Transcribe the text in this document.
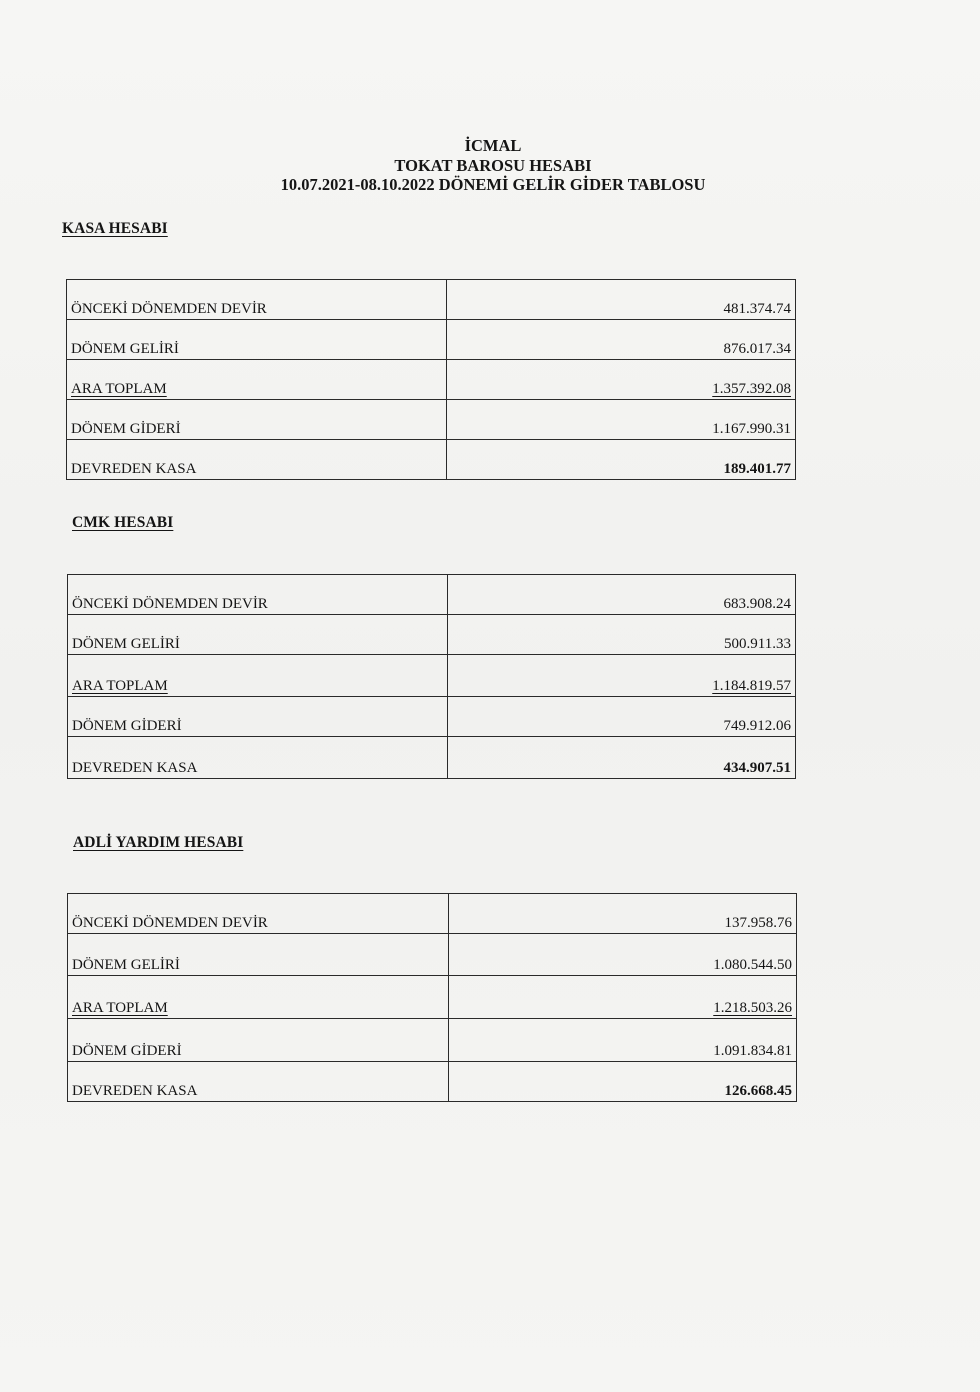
İCMAL
TOKAT BAROSU HESABI
10.07.2021-08.10.2022 DÖNEMİ GELİR GİDER TABLOSU
KASA HESABI
ÖNCEKİ DÖNEMDEN DEVİR	481.374.74
DÖNEM GELİRİ	876.017.34
ARA TOPLAM	1.357.392.08
DÖNEM GİDERİ	1.167.990.31
DEVREDEN KASA	189.401.77
CMK HESABI
ÖNCEKİ DÖNEMDEN DEVİR	683.908.24
DÖNEM GELİRİ	500.911.33
ARA TOPLAM	1.184.819.57
DÖNEM GİDERİ	749.912.06
DEVREDEN KASA	434.907.51
ADLİ YARDIM HESABI
ÖNCEKİ DÖNEMDEN DEVİR	137.958.76
DÖNEM GELİRİ	1.080.544.50
ARA TOPLAM	1.218.503.26
DÖNEM GİDERİ	1.091.834.81
DEVREDEN KASA	126.668.45
